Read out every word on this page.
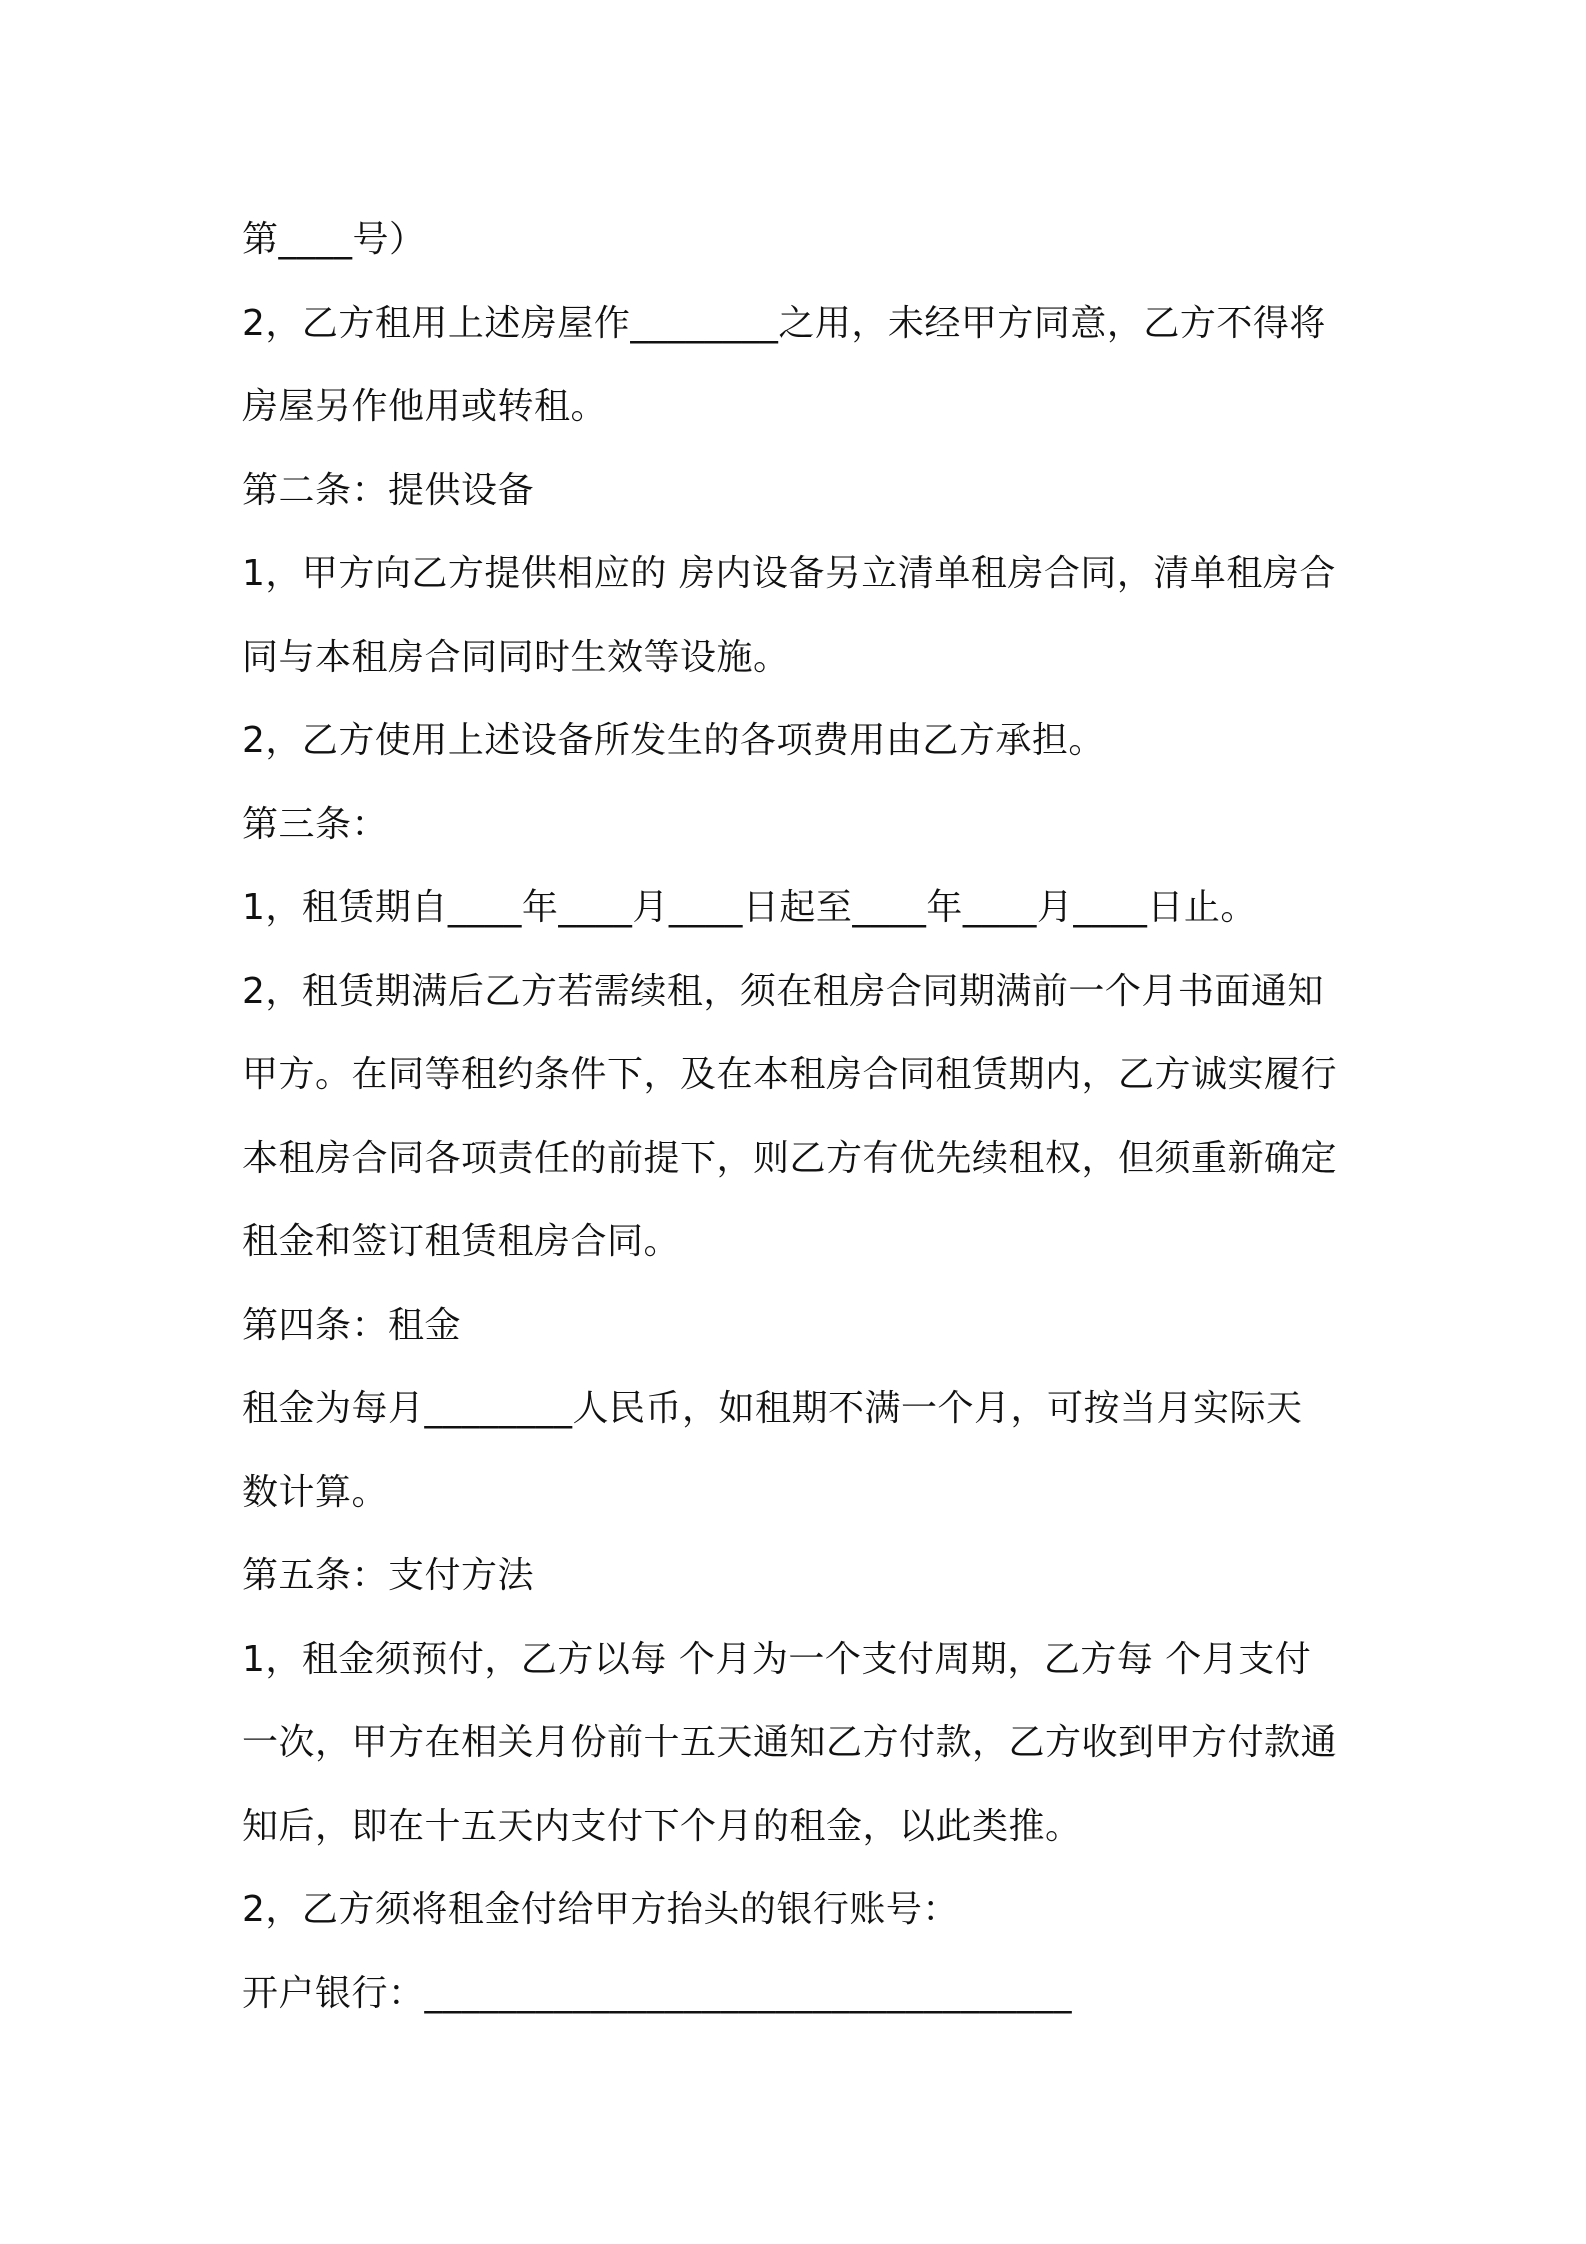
第____号）
2，乙方租用上述房屋作________之用，未经甲方同意，乙方不得将
房屋另作他用或转租。
第二条：提供设备
1，甲方向乙方提供相应的 房内设备另立清单租房合同，清单租房合
同与本租房合同同时生效等设施。
2，乙方使用上述设备所发生的各项费用由乙方承担。
第三条：
1，租赁期自____年____月____日起至____年____月____日止。
2，租赁期满后乙方若需续租，须在租房合同期满前一个月书面通知
甲方。在同等租约条件下，及在本租房合同租赁期内，乙方诚实履行
本租房合同各项责任的前提下，则乙方有优先续租权，但须重新确定
租金和签订租赁租房合同。
第四条：租金
租金为每月________人民币，如租期不满一个月，可按当月实际天
数计算。
第五条：支付方法
1，租金须预付，乙方以每 个月为一个支付周期，乙方每 个月支付
一次，甲方在相关月份前十五天通知乙方付款，乙方收到甲方付款通
知后，即在十五天内支付下个月的租金，以此类推。
2，乙方须将租金付给甲方抬头的银行账号：
开户银行：___________________________________
